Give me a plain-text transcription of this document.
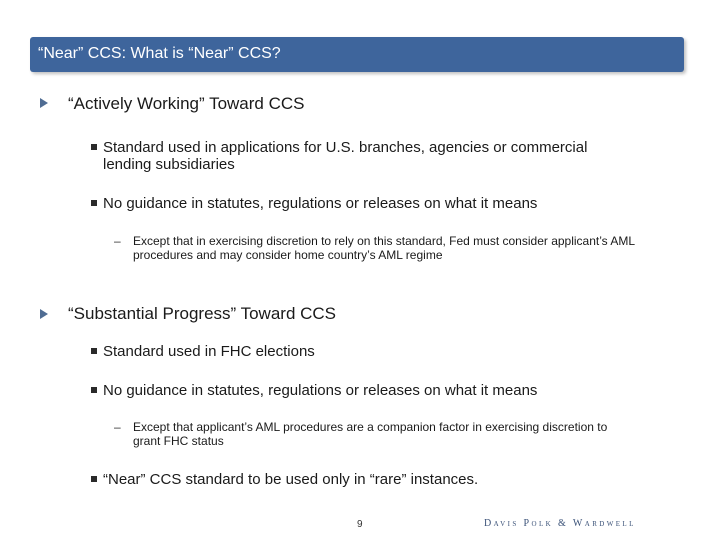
“Near” CCS: What is “Near” CCS?
“Actively Working” Toward CCS
Standard used in applications for U.S. branches, agencies or commercial lending subsidiaries
No guidance in statutes, regulations or releases on what it means
– Except that in exercising discretion to rely on this standard, Fed must consider applicant’s AML procedures and may consider home country’s AML regime
“Substantial Progress” Toward CCS
Standard used in FHC elections
No guidance in statutes, regulations or releases on what it means
– Except that applicant’s AML procedures are a companion factor in exercising discretion to grant FHC status
“Near” CCS standard to be used only in “rare” instances.
9	Davis Polk & Wardwell
